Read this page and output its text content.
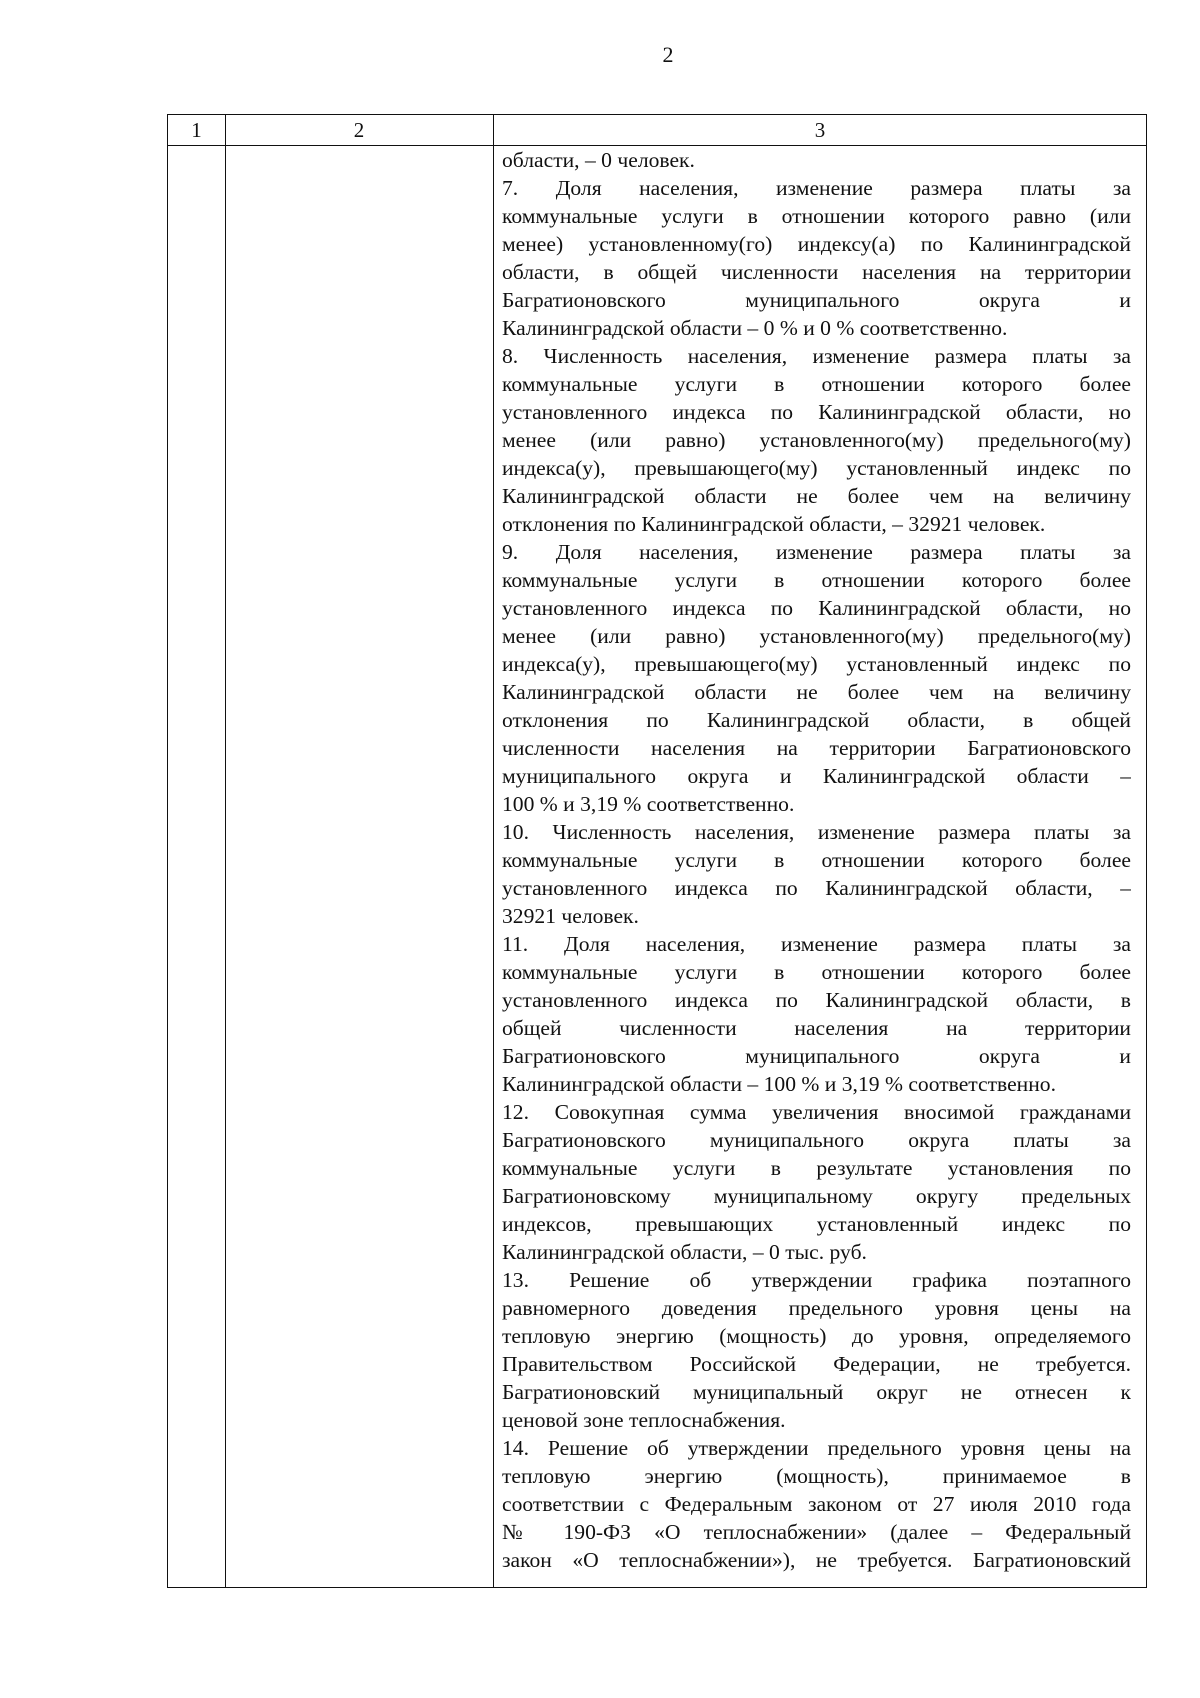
2
1	2	3
области, – 0 человек.
7. Доля населения, изменение размера платы за
коммунальные услуги в отношении которого равно (или
менее) установленному(го) индексу(а) по Калининградской
области, в общей численности населения на территории
Багратионовского муниципального округа и
Калининградской области – 0 % и 0 % соответственно.
8. Численность населения, изменение размера платы за
коммунальные услуги в отношении которого более
установленного индекса по Калининградской области, но
менее (или равно) установленного(му) предельного(му)
индекса(у), превышающего(му) установленный индекс по
Калининградской области не более чем на величину
отклонения по Калининградской области, – 32921 человек.
9. Доля населения, изменение размера платы за
коммунальные услуги в отношении которого более
установленного индекса по Калининградской области, но
менее (или равно) установленного(му) предельного(му)
индекса(у), превышающего(му) установленный индекс по
Калининградской области не более чем на величину
отклонения по Калининградской области, в общей
численности населения на территории Багратионовского
муниципального округа и Калининградской области –
100 % и 3,19 % соответственно.
10. Численность населения, изменение размера платы за
коммунальные услуги в отношении которого более
установленного индекса по Калининградской области, –
32921 человек.
11. Доля населения, изменение размера платы за
коммунальные услуги в отношении которого более
установленного индекса по Калининградской области, в
общей численности населения на территории
Багратионовского муниципального округа и
Калининградской области – 100 % и 3,19 % соответственно.
12. Совокупная сумма увеличения вносимой гражданами
Багратионовского муниципального округа платы за
коммунальные услуги в результате установления по
Багратионовскому муниципальному округу предельных
индексов, превышающих установленный индекс по
Калининградской области, – 0 тыс. руб.
13. Решение об утверждении графика поэтапного
равномерного доведения предельного уровня цены на
тепловую энергию (мощность) до уровня, определяемого
Правительством Российской Федерации, не требуется.
Багратионовский муниципальный округ не отнесен к
ценовой зоне теплоснабжения.
14. Решение об утверждении предельного уровня цены на
тепловую энергию (мощность), принимаемое в
соответствии с Федеральным законом от 27 июля 2010 года
№ 190-ФЗ «О теплоснабжении» (далее – Федеральный
закон «О теплоснабжении»), не требуется. Багратионовский
